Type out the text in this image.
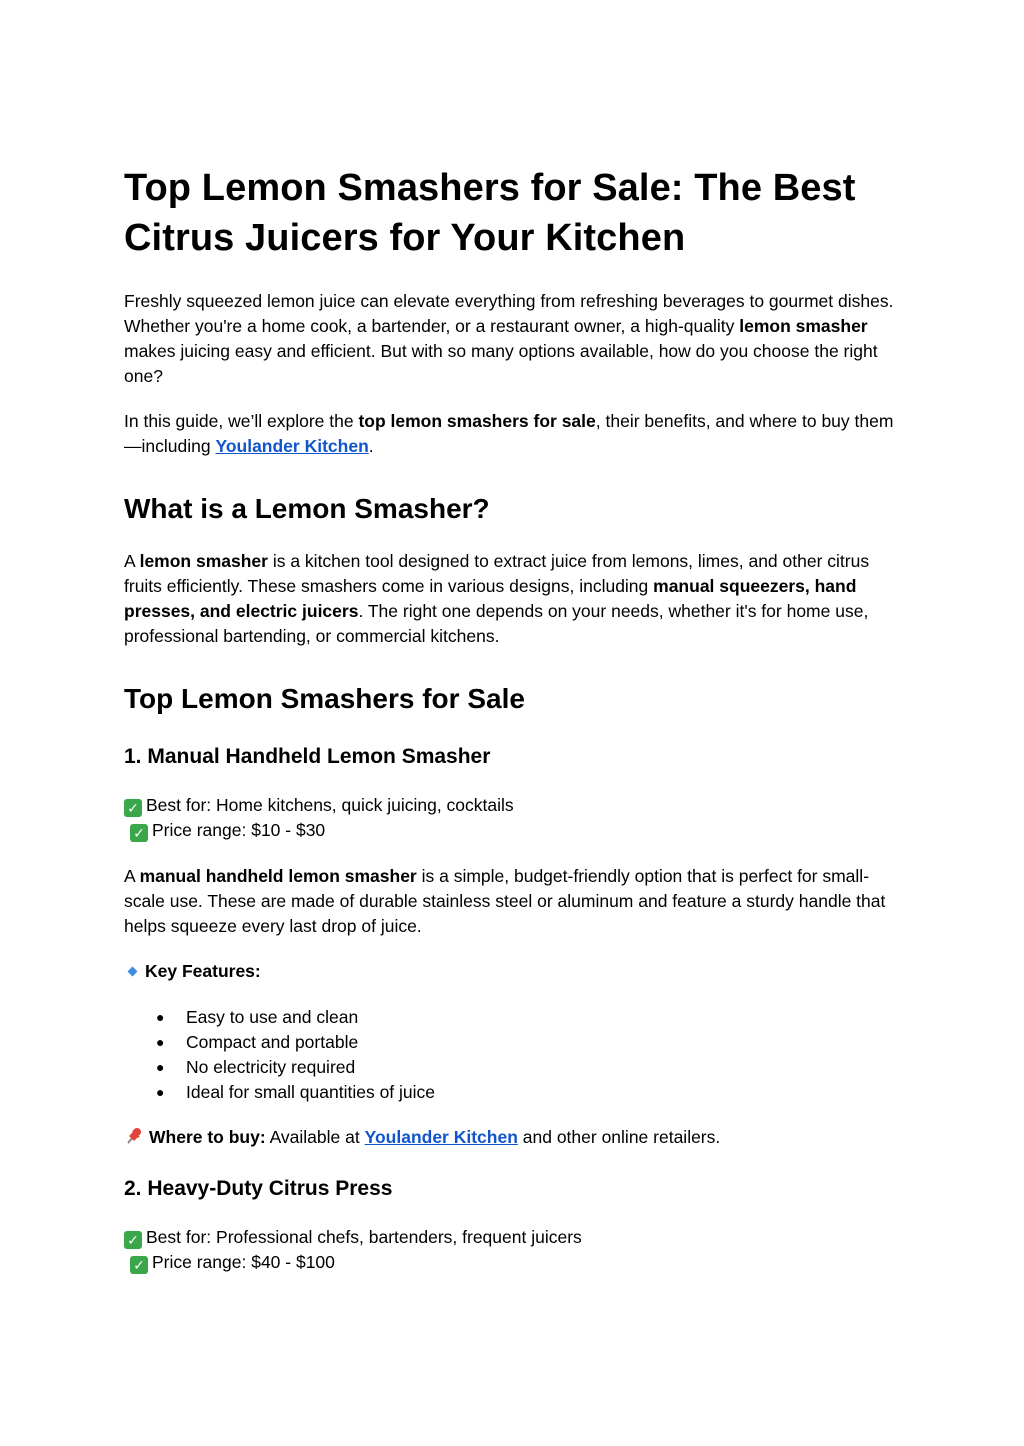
Top Lemon Smashers for Sale: The Best Citrus Juicers for Your Kitchen

Freshly squeezed lemon juice can elevate everything from refreshing beverages to gourmet dishes. Whether you're a home cook, a bartender, or a restaurant owner, a high-quality lemon smasher makes juicing easy and efficient. But with so many options available, how do you choose the right one?

In this guide, we’ll explore the top lemon smashers for sale, their benefits, and where to buy them—including Youlander Kitchen.

What is a Lemon Smasher?

A lemon smasher is a kitchen tool designed to extract juice from lemons, limes, and other citrus fruits efficiently. These smashers come in various designs, including manual squeezers, hand presses, and electric juicers. The right one depends on your needs, whether it's for home use, professional bartending, or commercial kitchens.

Top Lemon Smashers for Sale
1. Manual Handheld Lemon Smasher

✓ Best for: Home kitchens, quick juicing, cocktails

✓ Price range: $10 - $30

A manual handheld lemon smasher is a simple, budget-friendly option that is perfect for small-scale use. These are made of durable stainless steel or aluminum and feature a sturdy handle that helps squeeze every last drop of juice.

Key Features:

● Easy to use and clean
● Compact and portable
● No electricity required
● Ideal for small quantities of juice

Where to buy: Available at Youlander Kitchen and other online retailers.

2. Heavy-Duty Citrus Press

✓ Best for: Professional chefs, bartenders, frequent juicers

✓ Price range: $40 - $100
